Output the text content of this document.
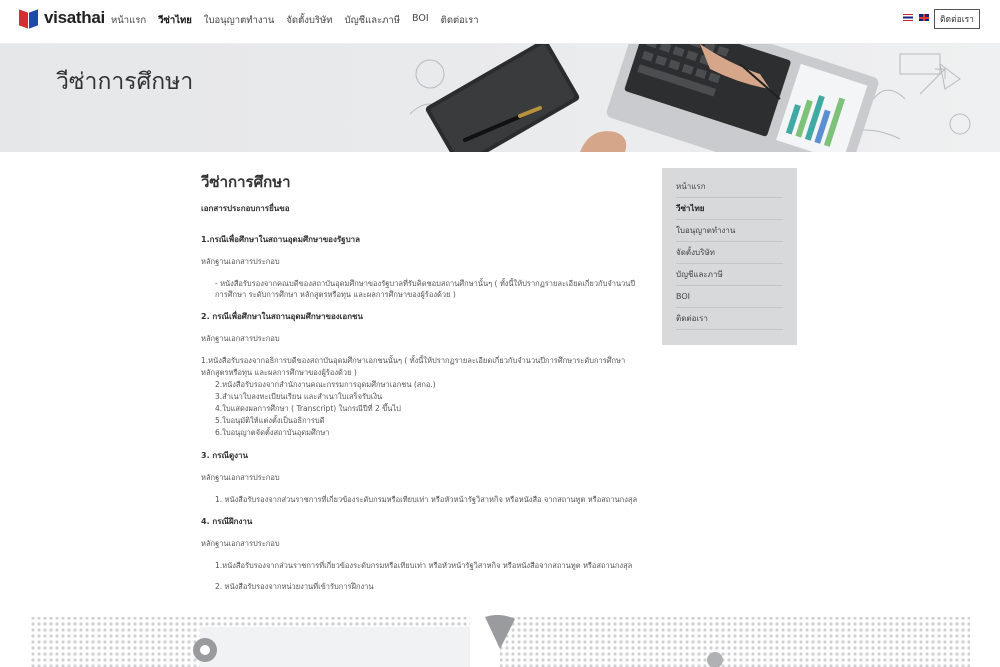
visathai หน้าแรก วีซ่าไทย ใบอนุญาตทำงาน จัดตั้งบริษัท บัญชีและภาษี BOI ติดต่อเรา	ติดต่อเรา
วีซ่าการศึกษา
วีซ่าการศึกษา
เอกสารประกอบการยื่นขอ
1.กรณีเพื่อศึกษาในสถานอุดมศึกษาของรัฐบาล
หลักฐานเอกสารประกอบ
- หนังสือรับรองจากคณบดีของสถาบันอุดมศึกษาของรัฐบาลที่รับคิดชอบสถานศึกษานั้นๆ ( ทั้งนี้ให้ปรากฏรายละเอียดเกี่ยวกับจำนวนปีการศึกษา ระดับการศึกษา หลักสูตรหรือทุน และผลการศึกษาของผู้ร้องด้วย )
2. กรณีเพื่อศึกษาในสถานอุดมศึกษาของเอกชน
หลักฐานเอกสารประกอบ
1.หนังสือรับรองจากอธิการบดีของสถาบันอุดมศึกษาเอกชนนั้นๆ ( ทั้งนี้ให้ปรากฏรายละเอียดเกี่ยวกับจำนวนปีการศึกษาระดับการศึกษา หลักสูตรหรือทุน และผลการศึกษาของผู้ร้องด้วย )
2.หนังสือรับรองจากสำนักงานคณะกรรมการอุดมศึกษาเอกชน (สกอ.)
3.สำเนาใบลงทะเบียนเรียน และสำเนาใบเสร็จรับเงิน
4.ใบแสดงผลการศึกษา ( Transcript) ในกรณีปีที่ 2 ขึ้นไป
5.ใบอนุมัติให้แต่งตั้งเป็นอธิการบดี
6.ใบอนุญาตจัดตั้งสถาบันอุดมศึกษา
3. กรณีดูงาน
หลักฐานเอกสารประกอบ
1. หนังสือรับรองจากส่วนราชการที่เกี่ยวข้องระดับกรมหรือเทียบเท่า หรือหัวหน้ารัฐวิสาหกิจ หรือหนังสือ จากสถานทูต หรือสถานกงสุล
4. กรณีฝึกงาน
หลักฐานเอกสารประกอบ
1.หนังสือรับรองจากส่วนราชการที่เกี่ยวข้องระดับกรมหรือเทียบเท่า หรือหัวหน้ารัฐวิสาหกิจ หรือหนังสือจากสถานทูต หรือสถานกงสุล
2. หนังสือรับรองจากหน่วยงานที่เข้ารับการฝึกงาน
หน้าแรก
วีซ่าไทย
ใบอนุญาตทำงาน
จัดตั้งบริษัท
บัญชีและภาษี
BOI
ติดต่อเรา
